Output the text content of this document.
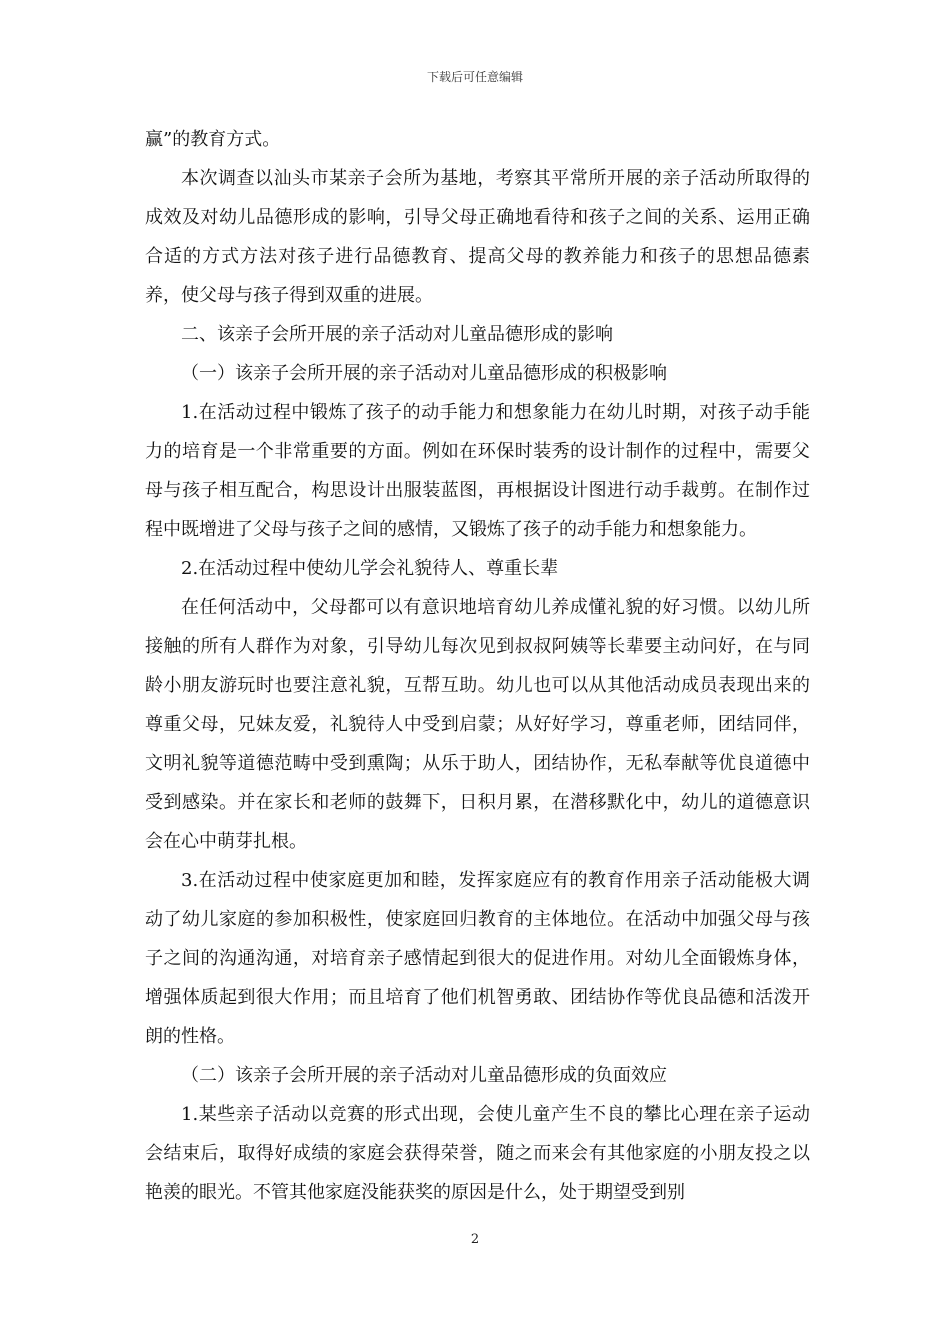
下载后可任意编辑

赢”的教育方式。

本次调查以汕头市某亲子会所为基地，考察其平常所开展的亲子活动所取得的成效及对幼儿品德形成的影响，引导父母正确地看待和孩子之间的关系、运用正确合适的方式方法对孩子进行品德教育、提高父母的教养能力和孩子的思想品德素养，使父母与孩子得到双重的进展。

二、该亲子会所开展的亲子活动对儿童品德形成的影响

（一）该亲子会所开展的亲子活动对儿童品德形成的积极影响

1.在活动过程中锻炼了孩子的动手能力和想象能力在幼儿时期，对孩子动手能力的培育是一个非常重要的方面。例如在环保时装秀的设计制作的过程中，需要父母与孩子相互配合，构思设计出服装蓝图，再根据设计图进行动手裁剪。在制作过程中既增进了父母与孩子之间的感情，又锻炼了孩子的动手能力和想象能力。

2.在活动过程中使幼儿学会礼貌待人、尊重长辈

在任何活动中，父母都可以有意识地培育幼儿养成懂礼貌的好习惯。以幼儿所接触的所有人群作为对象，引导幼儿每次见到叔叔阿姨等长辈要主动问好，在与同龄小朋友游玩时也要注意礼貌，互帮互助。幼儿也可以从其他活动成员表现出来的尊重父母，兄妹友爱，礼貌待人中受到启蒙；从好好学习，尊重老师，团结同伴，文明礼貌等道德范畴中受到熏陶；从乐于助人，团结协作，无私奉献等优良道德中受到感染。并在家长和老师的鼓舞下，日积月累，在潜移默化中，幼儿的道德意识会在心中萌芽扎根。

3.在活动过程中使家庭更加和睦，发挥家庭应有的教育作用亲子活动能极大调动了幼儿家庭的参加积极性，使家庭回归教育的主体地位。在活动中加强父母与孩子之间的沟通沟通，对培育亲子感情起到很大的促进作用。对幼儿全面锻炼身体，增强体质起到很大作用；而且培育了他们机智勇敢、团结协作等优良品德和活泼开朗的性格。

（二）该亲子会所开展的亲子活动对儿童品德形成的负面效应

1.某些亲子活动以竞赛的形式出现，会使儿童产生不良的攀比心理在亲子运动会结束后，取得好成绩的家庭会获得荣誉，随之而来会有其他家庭的小朋友投之以艳羡的眼光。不管其他家庭没能获奖的原因是什么，处于期望受到别

2
